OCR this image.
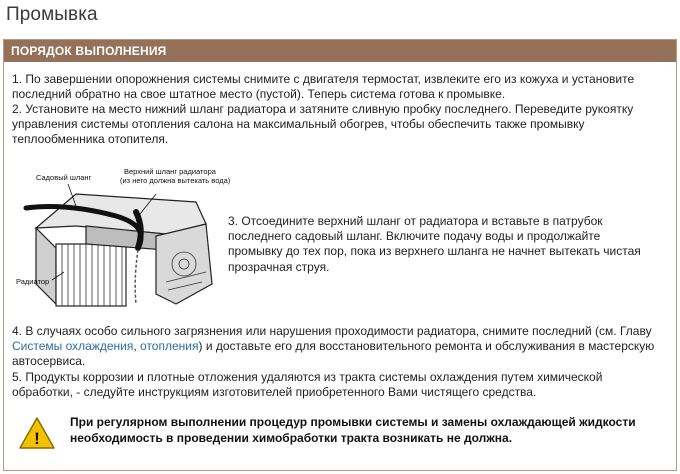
Промывка
ПОРЯДОК ВЫПОЛНЕНИЯ
1. По завершении опорожнения системы снимите с двигателя термостат, извлеките его из кожуха и установите последний обратно на свое штатное место (пустой). Теперь система готова к промывке.
2. Установите на место нижний шланг радиатора и затяните сливную пробку последнего. Переведите рукоятку управления системы отопления салона на максимальный обогрев, чтобы обеспечить также промывку теплообменника отопителя.
Садовый шланг
Верхний шланг радиатора
(из него должна вытекать вода)
Радиатор
3. Отсоедините верхний шланг от радиатора и вставьте в патрубок последнего садовый шланг. Включите подачу воды и продолжайте промывку до тех пор, пока из верхнего шланга не начнет вытекать чистая прозрачная струя.
4. В случаях особо сильного загрязнения или нарушения проходимости радиатора, снимите последний (см. Главу Системы охлаждения, отопления) и доставьте его для восстановительного ремонта и обслуживания в мастерскую автосервиса.
5. Продукты коррозии и плотные отложения удаляются из тракта системы охлаждения путем химической обработки, - следуйте инструкциям изготовителей приобретенного Вами чистящего средства.
!
При регулярном выполнении процедур промывки системы и замены охлаждающей жидкости необходимость в проведении химобработки тракта возникать не должна.
